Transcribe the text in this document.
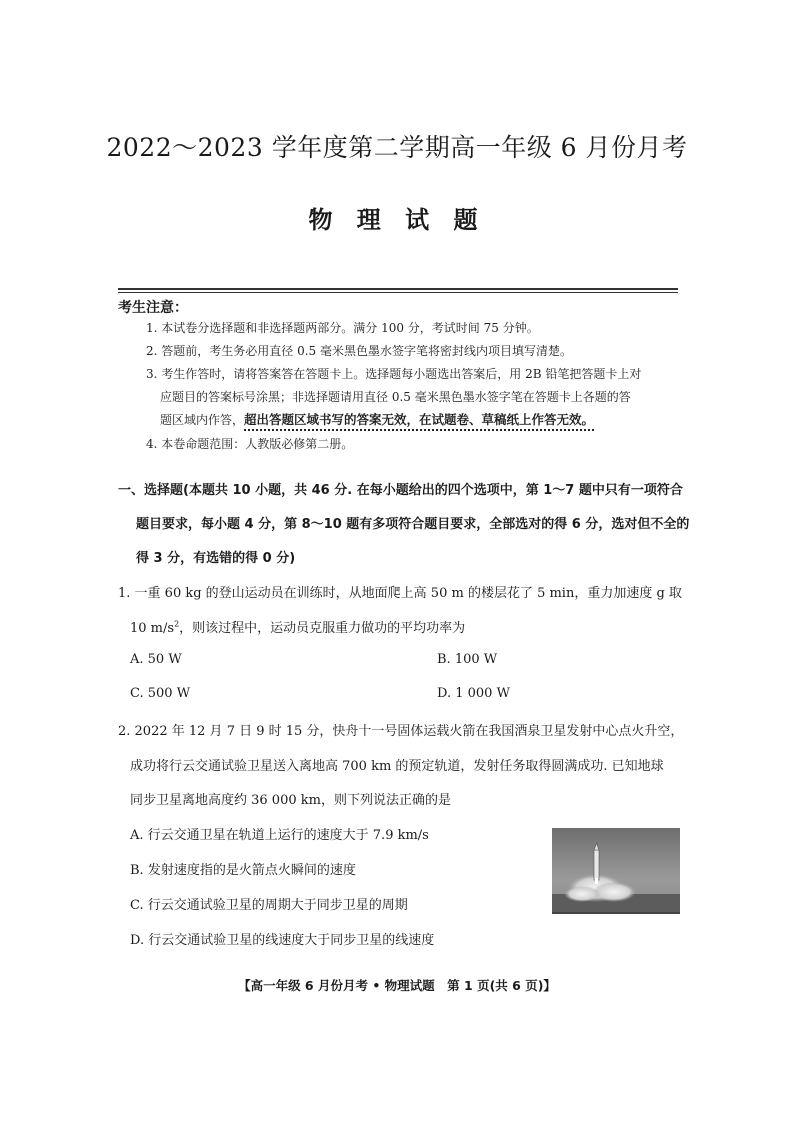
2022～2023 学年度第二学期高一年级 6 月份月考
物 理 试 题
考生注意：
1. 本试卷分选择题和非选择题两部分。满分 100 分，考试时间 75 分钟。
2. 答题前，考生务必用直径 0.5 毫米黑色墨水签字笔将密封线内项目填写清楚。
3. 考生作答时，请将答案答在答题卡上。选择题每小题选出答案后，用 2B 铅笔把答题卡上对
应题目的答案标号涂黑；非选择题请用直径 0.5 毫米黑色墨水签字笔在答题卡上各题的答
题区域内作答，超出答题区域书写的答案无效，在试题卷、草稿纸上作答无效。
4. 本卷命题范围：人教版必修第二册。
一、选择题(本题共 10 小题，共 46 分. 在每小题给出的四个选项中，第 1～7 题中只有一项符合
题目要求，每小题 4 分，第 8～10 题有多项符合题目要求，全部选对的得 6 分，选对但不全的
得 3 分，有选错的得 0 分)
1. 一重 60 kg 的登山运动员在训练时，从地面爬上高 50 m 的楼层花了 5 min，重力加速度 g 取
10 $m/s^2$，则该过程中，运动员克服重力做功的平均功率为
A. 50 W	B. 100 W
C. 500 W	D. 1 000 W
2. 2022 年 12 月 7 日 9 时 15 分，快舟十一号固体运载火箭在我国酒泉卫星发射中心点火升空，
成功将行云交通试验卫星送入离地高 700 km 的预定轨道，发射任务取得圆满成功. 已知地球
同步卫星离地高度约 36 000 km，则下列说法正确的是
A. 行云交通卫星在轨道上运行的速度大于 7.9 km/s
B. 发射速度指的是火箭点火瞬间的速度
C. 行云交通试验卫星的周期大于同步卫星的周期
D. 行云交通试验卫星的线速度大于同步卫星的线速度
【高一年级 6 月份月考 • 物理试题　第 1 页(共 6 页)】
